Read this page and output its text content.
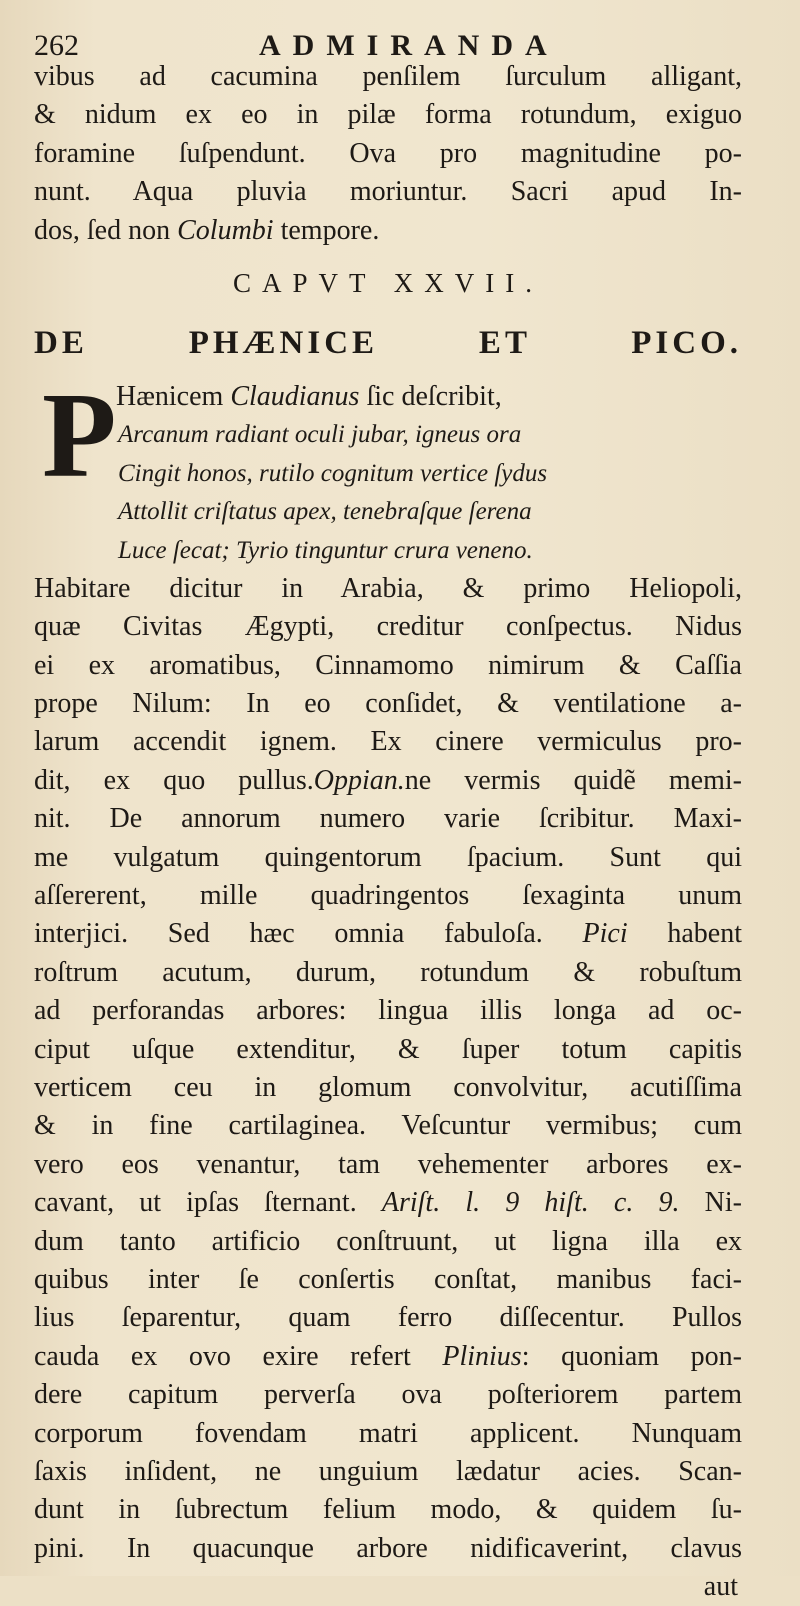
262	ADMIRANDA
vibus ad cacumina penſilem ſurculum alligant,
& nidum ex eo in pilæ forma rotundum, exiguo
foramine ſuſpendunt. Ova pro magnitudine po-
nunt. Aqua pluvia moriuntur. Sacri apud In-
dos, ſed non Columbi tempore.
CAPVT XXVII.
DE PHÆNICE ET PICO.
P Hænicem Claudianus ſic deſcribit,
Arcanum radiant oculi jubar, igneus ora
Cingit honos, rutilo cognitum vertice ſydus
Attollit criſtatus apex, tenebraſque ſerena
Luce ſecat; Tyrio tinguntur crura veneno.
Habitare dicitur in Arabia, & primo Heliopoli,
quæ Civitas Ægypti, creditur conſpectus. Nidus
ei ex aromatibus, Cinnamomo nimirum & Caſſia
prope Nilum: In eo conſidet, & ventilatione a-
larum accendit ignem. Ex cinere vermiculus pro-
dit, ex quo pullus.Oppian.ne vermis quidẽ memi-
nit. De annorum numero varie ſcribitur. Maxi-
me vulgatum quingentorum ſpacium. Sunt qui
aſſererent, mille quadringentos ſexaginta unum
interjici. Sed hæc omnia fabuloſa. Pici habent
roſtrum acutum, durum, rotundum & robuſtum
ad perforandas arbores: lingua illis longa ad oc-
ciput uſque extenditur, & ſuper totum capitis
verticem ceu in glomum convolvitur, acutiſſima
& in fine cartilaginea. Veſcuntur vermibus; cum
vero eos venantur, tam vehementer arbores ex-
cavant, ut ipſas ſternant. Ariſt. l. 9 hiſt. c. 9. Ni-
dum tanto artificio conſtruunt, ut ligna illa ex
quibus inter ſe conſertis conſtat, manibus faci-
lius ſeparentur, quam ferro diſſecentur. Pullos
cauda ex ovo exire refert Plinius: quoniam pon-
dere capitum perverſa ova poſteriorem partem
corporum fovendam matri applicent. Nunquam
ſaxis inſident, ne unguium lædatur acies. Scan-
dunt in ſubrectum felium modo, & quidem ſu-
pini. In quacunque arbore nidificaverint, clavus
aut
